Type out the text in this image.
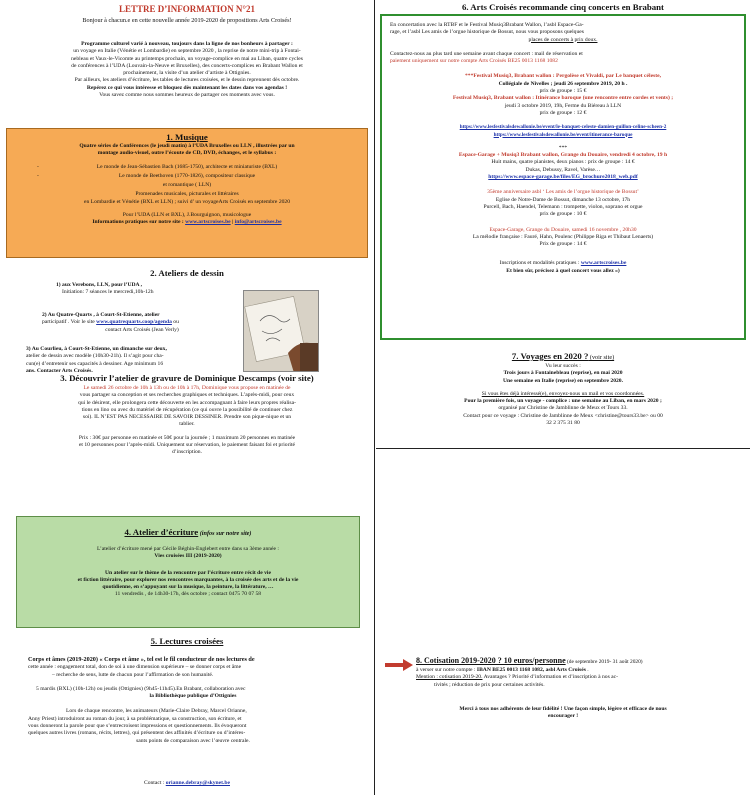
LETTRE D’INFORMATION N°21

Bonjour à chacun.e en cette nouvelle année 2019-2020 de propositions Arts Croisés!

Programme culturel varié à nouveau, toujours dans la ligne de nos bonheurs à partager :

un voyage en Italie (Vénétie et Lombardie) en septembre 2020 , la reprise de notre mini-trip à Fontai-

nebleau et Vaux-le-Vicomte au printemps prochain, un voyage-complice en mai au Liban, quatre cycles

de conférences à l’UDA (Louvain-la-Neuve et Bruxelles), des concerts-complices en Brabant Wallon et

prochainement, la visite d’un atelier d’artiste à Ottignies.

Par ailleurs, les ateliers d’écriture, les tables de lectures croisées, et le dessin reprennent dès octobre.

Repérez ce qui vous intéresse et bloquez dès maintenant les dates dans vos agendas !

Vous savez comme nous sommes heureux de partager ces moments avec vous.

1. Musique

Quatre séries de Conférences (le jeudi matin) à l’UDA Bruxelles ou LLN , illustrées par un

montage audio-visuel, outre l’écoute de CD, DVD, échanges, et le syllabus :

-	Le monde de Jean-Sébastien Bach (1685-1750), architecte et miniaturiste (BXL)

-	Le monde de Beethoven (1770-1826), compositeur classique

et romantique ( LLN)

Promenades musicales, picturales et littéraires

en Lombardie et Vénétie (BXL et LLN) ; suivi d’ un voyageArts Croisés en septembre 2020

Pour l’UDA (LLN et BXL), J.Bourguignon, musicologue

Informations pratiques sur notre site : www.artscroises.be | info@artscroises.be

2. Ateliers de dessin

1) aux Verebons, LLN, pour l’UDA ,

Initiation: 7 séances le mercredi,10h-12h

2) Au Quatre-Quarts , à Court-St-Etienne, atelier

participatif . Voir le site www.quatrequarts.coop/agenda ou

contact Arts Croisés (Jean Verly)

3) Au Courlieu, à Court-St-Etienne, un dimanche sur deux,

atelier de dessin avec modèle (10h30-21h). Il s’agit pour cha-

cun(e) d’entretenir ses capacités à dessiner. Age minimum 16

ans. Contacter Arts Croisés.

3. Découvrir l’atelier de gravure de Dominique Descamps (voir site)

Le samedi 26 octobre de 10h à 13h ou de 10h à 17h, Dominique vous propose en matinée de

vous partager sa conception et ses recherches graphiques et techniques. L’après-midi, pour ceux

qui le désirent, elle prolongera cette découverte en les accompagnant à faire leurs propres réalisa-

tions en lino ou avec du matériel de récupération (ce qui ouvre la possibilité de continuer chez

soi). IL N’EST PAS NECESSAIRE DE SAVOIR DESSINER. Prendre son pique-nique et un

tablier.

Prix : 30€ par personne en matinée et 50€ pour la journée ; 1 maximum 20 personnes en matinée

et 10 personnes pour l’après-midi. Uniquement sur réservation, le paiement faisant foi et priorité

d’inscription.

4. Atelier d’écriture (infos sur notre site)

L’atelier d’écriture mené par Cécile Béghin-Englebert entre dans sa 3ème année :

Vies croisées III (2019-2020)

Un atelier sur le thème de la rencontre par l’écriture entre récit de vie

et fiction littéraire, pour explorer nos rencontres marquantes, à la croisée des arts et de la vie

quotidienne, en s’appuyant sur la musique, la peinture, la littérature, …

11 vendredis , de 14h30-17h, dès octobre ; contact 0475 70 07 58

5. Lectures croisées

Corps et âmes (2019-2020) « Corps et âme », tel est le fil conducteur de nos lectures de

cette année : engagement total, don de soi à une dimension supérieure – se donner corps et âme

– recherche de sens, lutte de chacun pour l’affirmation de son humanité.

5 mardis (BXL) (10h-12h) ou jeudis (Ottignies) (9h45-11h45).En Brabant, collaboration avec

la Bibliothèque publique d’Ottignies

Lors de chaque rencontre, les animateurs (Marie-Claire Debray, Marcel Orianne,

Anny Priest) introduiront au roman du jour, à sa problématique, sa construction, son écriture, et

vous donneront la parole pour que s’entrecroisent impressions et questionnements. Ils évoqueront

quelques autres livres (romans, récits, lettres), qui présentent des affinités d’écriture ou d’intéres-

sants points de comparaison avec l’œuvre centrale.

Contact : orianne.debray@skynet.be

6. Arts Croisés recommande cinq concerts en Brabant

En concertation avec la RTBF et le Festival Musiq3Brabant Wallon, l’asbl Espace-Ga-

rage, et l’asbl Les amis de l’orgue historique de Bossut, nous vous proposons quelques

places de concerts à prix doux.

Contactez-nous au plus tard une semaine avant chaque concert : mail de réservation et

paiement uniquement sur notre compte Arts Croisés BE25 0013 1168 1082

***Festival Musiq3, Brabant wallon : Pergolèse et Vivaldi, par Le banquet céleste,

Collégiale de Nivelles ; jeudi 26 septembre 2019, 20 h .

prix de groupe : 15 €

Festival Musiq3, Brabant wallon : Itinérance baroque (une rencontre entre cordes et vents) ;

jeudi 3 octobre 2019, 19h, Ferme du Biéreau à LLN

prix de groupe : 12 €

https://www.lesfestivalsdewallonie.be/event/le-banquet-celeste-damien-guillon-celine-scheen-2

https://www.lesfestivalsdewallonie.be/event/itinerance-baroque

***

Espace-Garage + Musiq3 Brabant wallon, Grange du Douaire, vendredi 4 octobre, 19 h

Huit mains, quatre pianistes, deux pianos : prix de groupe : 14 €

Dukas, Debussy, Ravel, Varèse…

https://www.espace-garage.be/files/EG_brochure2018_web.pdf

35ème anniversaire asbl ‘ Les amis de l’orgue historique de Bossut’

Eglise de Notre-Dame de Bossut, dimanche 13 octobre, 17h

Purcell, Bach, Haendel, Telemann : trompette, violon, soprano et orgue

prix de groupe : 10 €

Espace-Garage, Grange du Douaire, samedi 16 novembre , 20h30

La mélodie française : Fauré, Hahn, Poulenc (Philippe Riga et Thibaut Lenaerts)

Prix de groupe : 14 €

Inscriptions et modalités pratiques : www.artscroises.be

Et bien sûr, précisez à quel concert vous allez »)

7. Voyages en 2020 ? (voir site)

Vu leur succès :

Trois jours à Fontainebleau (reprise), en mai 2020

Une semaine en Italie (reprise) en septembre 2020.

Si vous êtes déjà intéressé(e), envoyez-nous un mail et vos coordonnées.

Pour la première fois, un voyage - complice : une semaine au Liban, en mars 2020 ;

organisé par Christine de Jamblinne de Meux et Tours 33.

Contact pour ce voyage : Christine de Jamblinne de Meux <christine@tours33.be> ou 00

32 2 375 31 80

8. Cotisation 2019-2020 ? 10 euros/personne (de septembre 2019- 31 août 2020)

à verser sur notre compte : IBAN BE25 0013 1168 1082, asbl Arts Croisés .

Mention : cotisation 2019-20. Avantages ? Priorité d’information et d’inscription à nos ac-

tivités ; réduction de prix pour certaines activités.

Merci à tous nos adhérents de leur fidélité ! Une façon simple, légère et efficace de nous

encourager !
